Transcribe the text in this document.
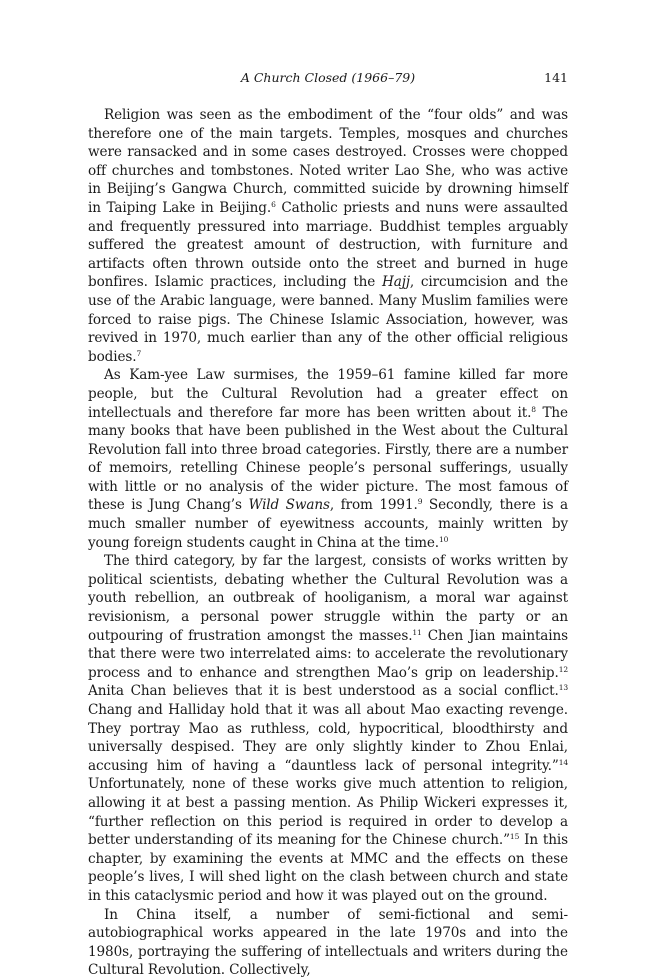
A Church Closed (1966–79)	141

Religion was seen as the embodiment of the “four olds” and was therefore one of the main targets. Temples, mosques and churches were ransacked and in some cases destroyed. Crosses were chopped off churches and tombstones. Noted writer Lao She, who was active in Beijing’s Gangwa Church, committed suicide by drowning himself in Taiping Lake in Beijing.$^6$ Catholic priests and nuns were assaulted and frequently pressured into marriage. Buddhist temples arguably suffered the greatest amount of destruction, with furniture and artifacts often thrown outside onto the street and burned in huge bonfires. Islamic practices, including the Hajj, circumcision and the use of the Arabic language, were banned. Many Muslim families were forced to raise pigs. The Chinese Islamic Association, however, was revived in 1970, much earlier than any of the other official religious bodies.$^7$

As Kam-yee Law surmises, the 1959–61 famine killed far more people, but the Cultural Revolution had a greater effect on intellectuals and therefore far more has been written about it.$^8$ The many books that have been published in the West about the Cultural Revolution fall into three broad categories. Firstly, there are a number of memoirs, retelling Chinese people’s personal sufferings, usually with little or no analysis of the wider picture. The most famous of these is Jung Chang’s Wild Swans, from 1991.$^9$ Secondly, there is a much smaller number of eyewitness accounts, mainly written by young foreign students caught in China at the time.$^{10}$

The third category, by far the largest, consists of works written by political scientists, debating whether the Cultural Revolution was a youth rebellion, an outbreak of hooliganism, a moral war against revisionism, a personal power struggle within the party or an outpouring of frustration amongst the masses.$^{11}$ Chen Jian maintains that there were two interrelated aims: to accelerate the revolutionary process and to enhance and strengthen Mao’s grip on leadership.$^{12}$ Anita Chan believes that it is best understood as a social conflict.$^{13}$ Chang and Halliday hold that it was all about Mao exacting revenge. They portray Mao as ruthless, cold, hypocritical, bloodthirsty and universally despised. They are only slightly kinder to Zhou Enlai, accusing him of having a “dauntless lack of personal integrity.”$^{14}$ Unfortunately, none of these works give much attention to religion, allowing it at best a passing mention. As Philip Wickeri expresses it, “further reflection on this period is required in order to develop a better understanding of its meaning for the Chinese church.”$^{15}$ In this chapter, by examining the events at MMC and the effects on these people’s lives, I will shed light on the clash between church and state in this cataclysmic period and how it was played out on the ground.

In China itself, a number of semi-fictional and semi-autobiographical works appeared in the late 1970s and into the 1980s, portraying the suffering of intellectuals and writers during the Cultural Revolution. Collectively,
